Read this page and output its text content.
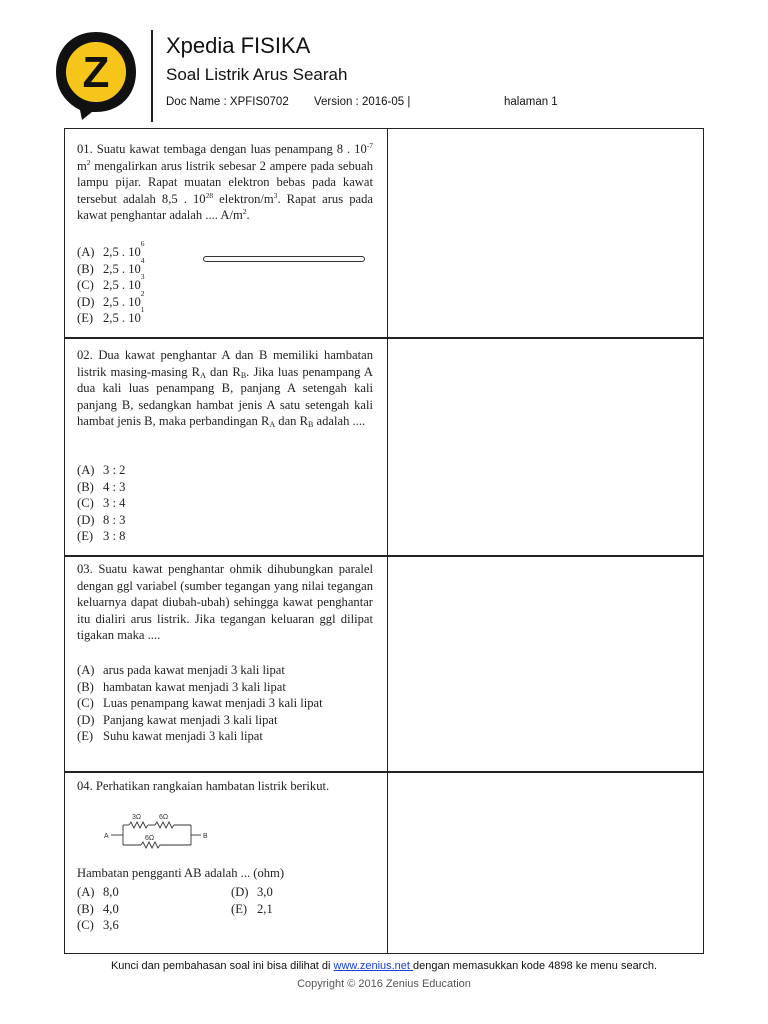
Z
Xpedia FISIKA
Soal Listrik Arus Searah
Doc Name : XPFIS0702 Version : 2016-05 |	halaman 1
01. Suatu kawat tembaga dengan luas penampang 8 . $10^{-7}$ $m^2$ mengalirkan arus listrik sebesar 2 ampere pada sebuah lampu pijar. Rapat muatan elektron bebas pada kawat tersebut adalah 8,5 . $10^{28}$ elektron/$m^3$. Rapat arus pada kawat penghantar adalah .... $A/m^2$.
(A) 2,5 . 10
6
(B) 2,5 . 10
4
(C) 2,5 . 10
3
(D) 2,5 . 10
2
(E) 2,5 . 10
1
02. Dua kawat penghantar A dan B memiliki hambatan listrik masing-masing $R_A$ dan $R_B$. Jika luas penampang A dua kali luas penampang B, panjang A setengah kali panjang B, sedangkan hambat jenis A satu setengah kali hambat jenis B, maka perbandingan $R_A$ dan $R_B$ adalah ....
(A) 3 : 2
(B) 4 : 3
(C) 3 : 4
(D) 8 : 3
(E) 3 : 8
03. Suatu kawat penghantar ohmik dihubungkan paralel dengan ggl variabel (sumber tegangan yang nilai tegangan keluarnya dapat diubah-ubah) sehingga kawat penghantar itu dialiri arus listrik. Jika tegangan keluaran ggl dilipat tigakan maka ....
(A) arus pada kawat menjadi 3 kali lipat
(B) hambatan kawat menjadi 3 kali lipat
(C) Luas penampang kawat menjadi 3 kali lipat
(D) Panjang kawat menjadi 3 kali lipat
(E) Suhu kawat menjadi 3 kali lipat
04. Perhatikan rangkaian hambatan listrik berikut.
A	B
3Ω	6Ω
6Ω
Hambatan pengganti AB adalah ... (ohm)
(A) 8,0
(B) 4,0
(C) 3,6
(D) 3,0
(E) 2,1
Kunci dan pembahasan soal ini bisa dilihat di www.zenius.net dengan memasukkan kode 4898 ke menu search.
Copyright © 2016 Zenius Education
